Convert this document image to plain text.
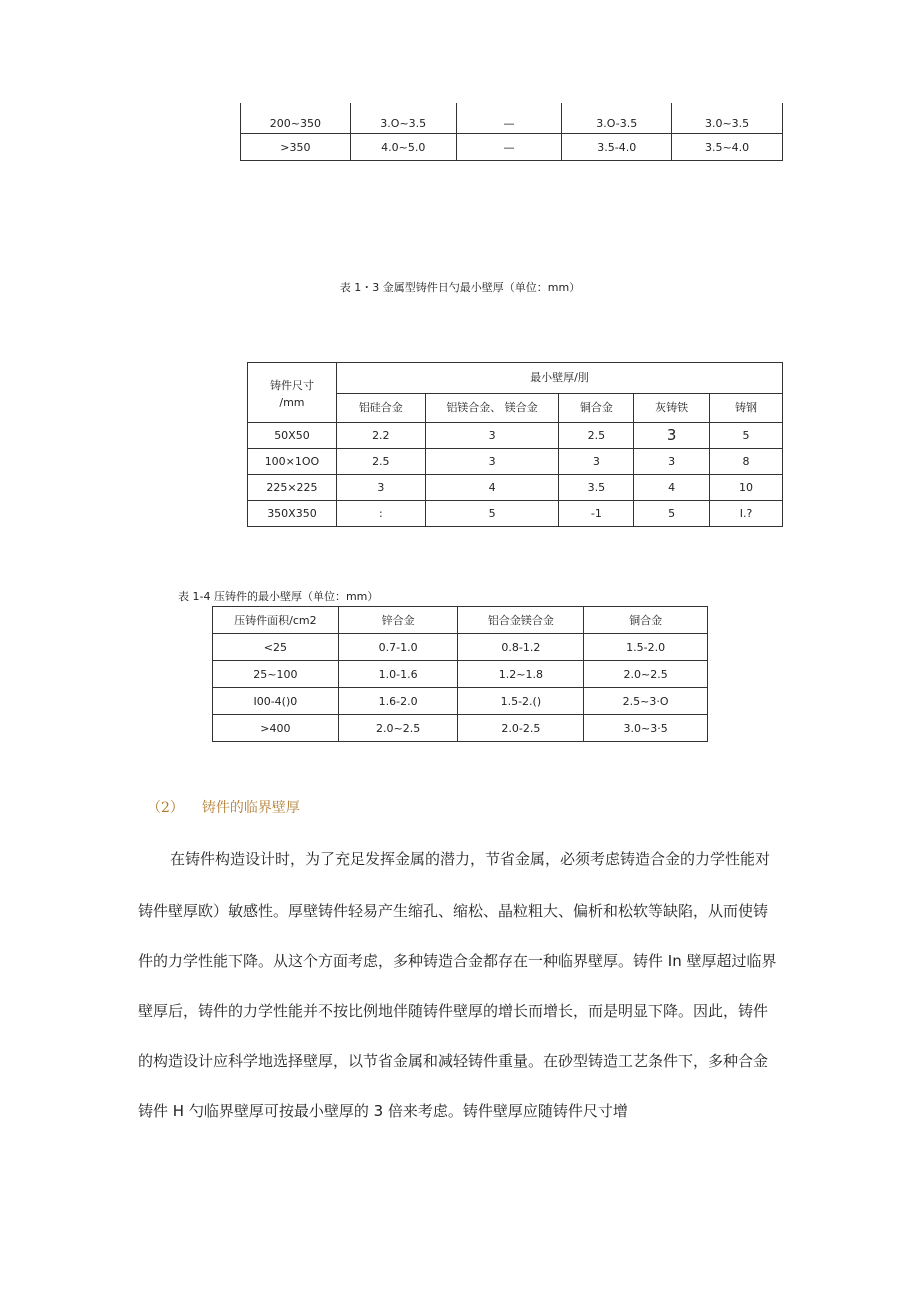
200~350	3.O~3.5	—	3.O-3.5	3.0~3.5
>350	4.0~5.0	—	3.5-4.0	3.5~4.0
表 1・3 金属型铸件日勺最小壁厚（单位：mm）
铸件尺寸	最小壁厚/刖				
/mm	铝硅合金	铝镁合金、 镁合金	铜合金	灰铸铁	铸钢
50X50	2.2	3	2.5	3	5
100×1OO	2.5	3	3	3	8
225×225	3	4	3.5	4	10
350X350	:	5	-1	5	I.?
表 1-4 压铸件的最小壁厚（单位：mm）
压铸件面积/cm2	锌合金	铝合金镁合金	铜合金
<25	0.7-1.0	0.8-1.2	1.5-2.0
25~100	1.0-1.6	1.2~1.8	2.0~2.5
I00-4()0	1.6-2.0	1.5-2.()	2.5~3·O
>400	2.0~2.5	2.0-2.5	3.0~3·5
（2） 铸件的临界壁厚
在铸件构造设计时，为了充足发挥金属的潜力，节省金属，必须考虑铸造合金的力学性能对
铸件壁厚欧）敏感性。厚壁铸件轻易产生缩孔、缩松、晶粒粗大、偏析和松软等缺陷，从而使铸
件的力学性能下降。从这个方面考虑，多种铸造合金都存在一种临界壁厚。铸件 In 壁厚超过临界
壁厚后，铸件的力学性能并不按比例地伴随铸件壁厚的增长而增长，而是明显下降。因此，铸件
的构造设计应科学地选择壁厚，以节省金属和减轻铸件重量。在砂型铸造工艺条件下，多种合金
铸件 H 勺临界壁厚可按最小壁厚的 3 倍来考虑。铸件壁厚应随铸件尺寸增
